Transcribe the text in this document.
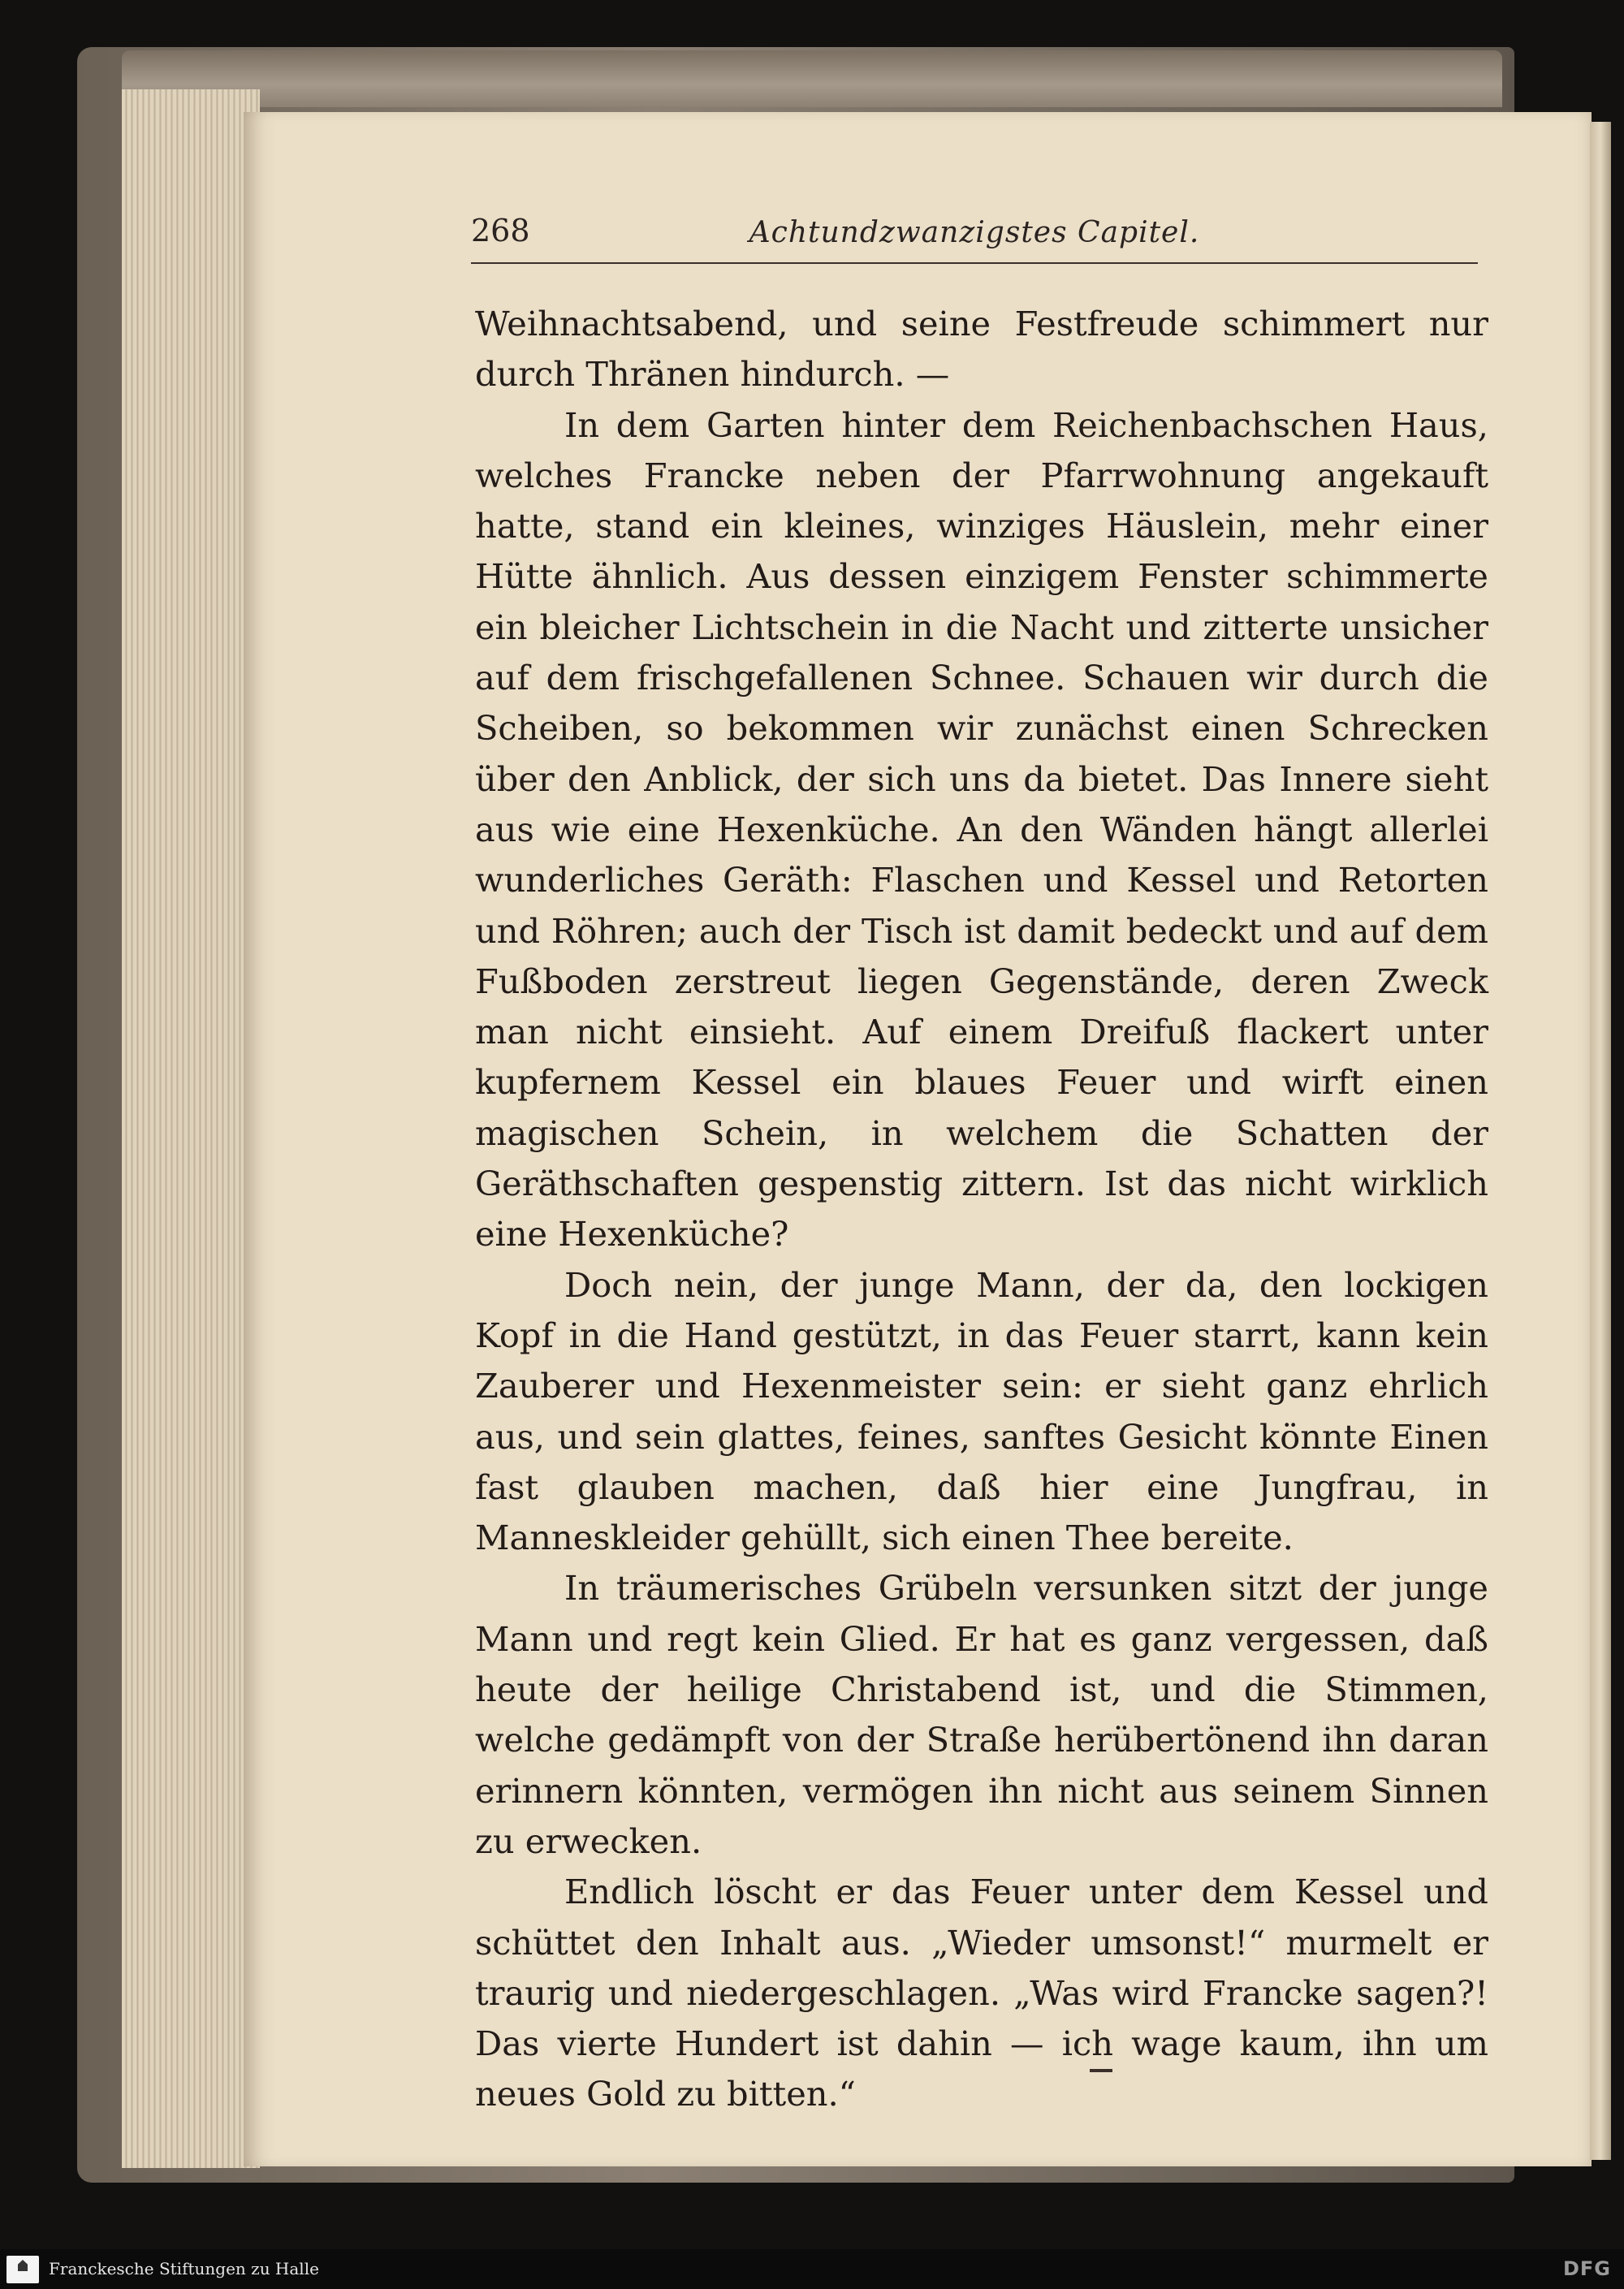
268	Achtundzwanzigstes Capitel.

Weihnachtsabend, und seine Festfreude schimmert nur durch Thränen hindurch. —

In dem Garten hinter dem Reichenbachschen Haus, welches Francke neben der Pfarrwohnung angekauft hatte, stand ein kleines, winziges Häuslein, mehr einer Hütte ähnlich. Aus dessen einzigem Fenster schimmerte ein bleicher Lichtschein in die Nacht und zitterte unsicher auf dem frischgefallenen Schnee. Schauen wir durch die Scheiben, so bekommen wir zunächst einen Schrecken über den Anblick, der sich uns da bietet. Das Innere sieht aus wie eine Hexenküche. An den Wänden hängt allerlei wunderliches Geräth: Flaschen und Kessel und Retorten und Röhren; auch der Tisch ist damit bedeckt und auf dem Fußboden zerstreut liegen Gegenstände, deren Zweck man nicht einsieht. Auf einem Dreifuß flackert unter kupfernem Kessel ein blaues Feuer und wirft einen magischen Schein, in welchem die Schatten der Geräthschaften gespenstig zittern. Ist das nicht wirklich eine Hexenküche?

Doch nein, der junge Mann, der da, den lockigen Kopf in die Hand gestützt, in das Feuer starrt, kann kein Zauberer und Hexenmeister sein: er sieht ganz ehrlich aus, und sein glattes, feines, sanftes Gesicht könnte Einen fast glauben machen, daß hier eine Jungfrau, in Manneskleider gehüllt, sich einen Thee bereite.

In träumerisches Grübeln versunken sitzt der junge Mann und regt kein Glied. Er hat es ganz vergessen, daß heute der heilige Christabend ist, und die Stimmen, welche gedämpft von der Straße herübertönend ihn daran erinnern könnten, vermögen ihn nicht aus seinem Sinnen zu erwecken.

Endlich löscht er das Feuer unter dem Kessel und schüttet den Inhalt aus. „Wieder umsonst!“ murmelt er traurig und niedergeschlagen. „Was wird Francke sagen?! Das vierte Hundert ist dahin — ich wage kaum, ihn um neues Gold zu bitten.“

Franckesche Stiftungen zu Halle	DFG
